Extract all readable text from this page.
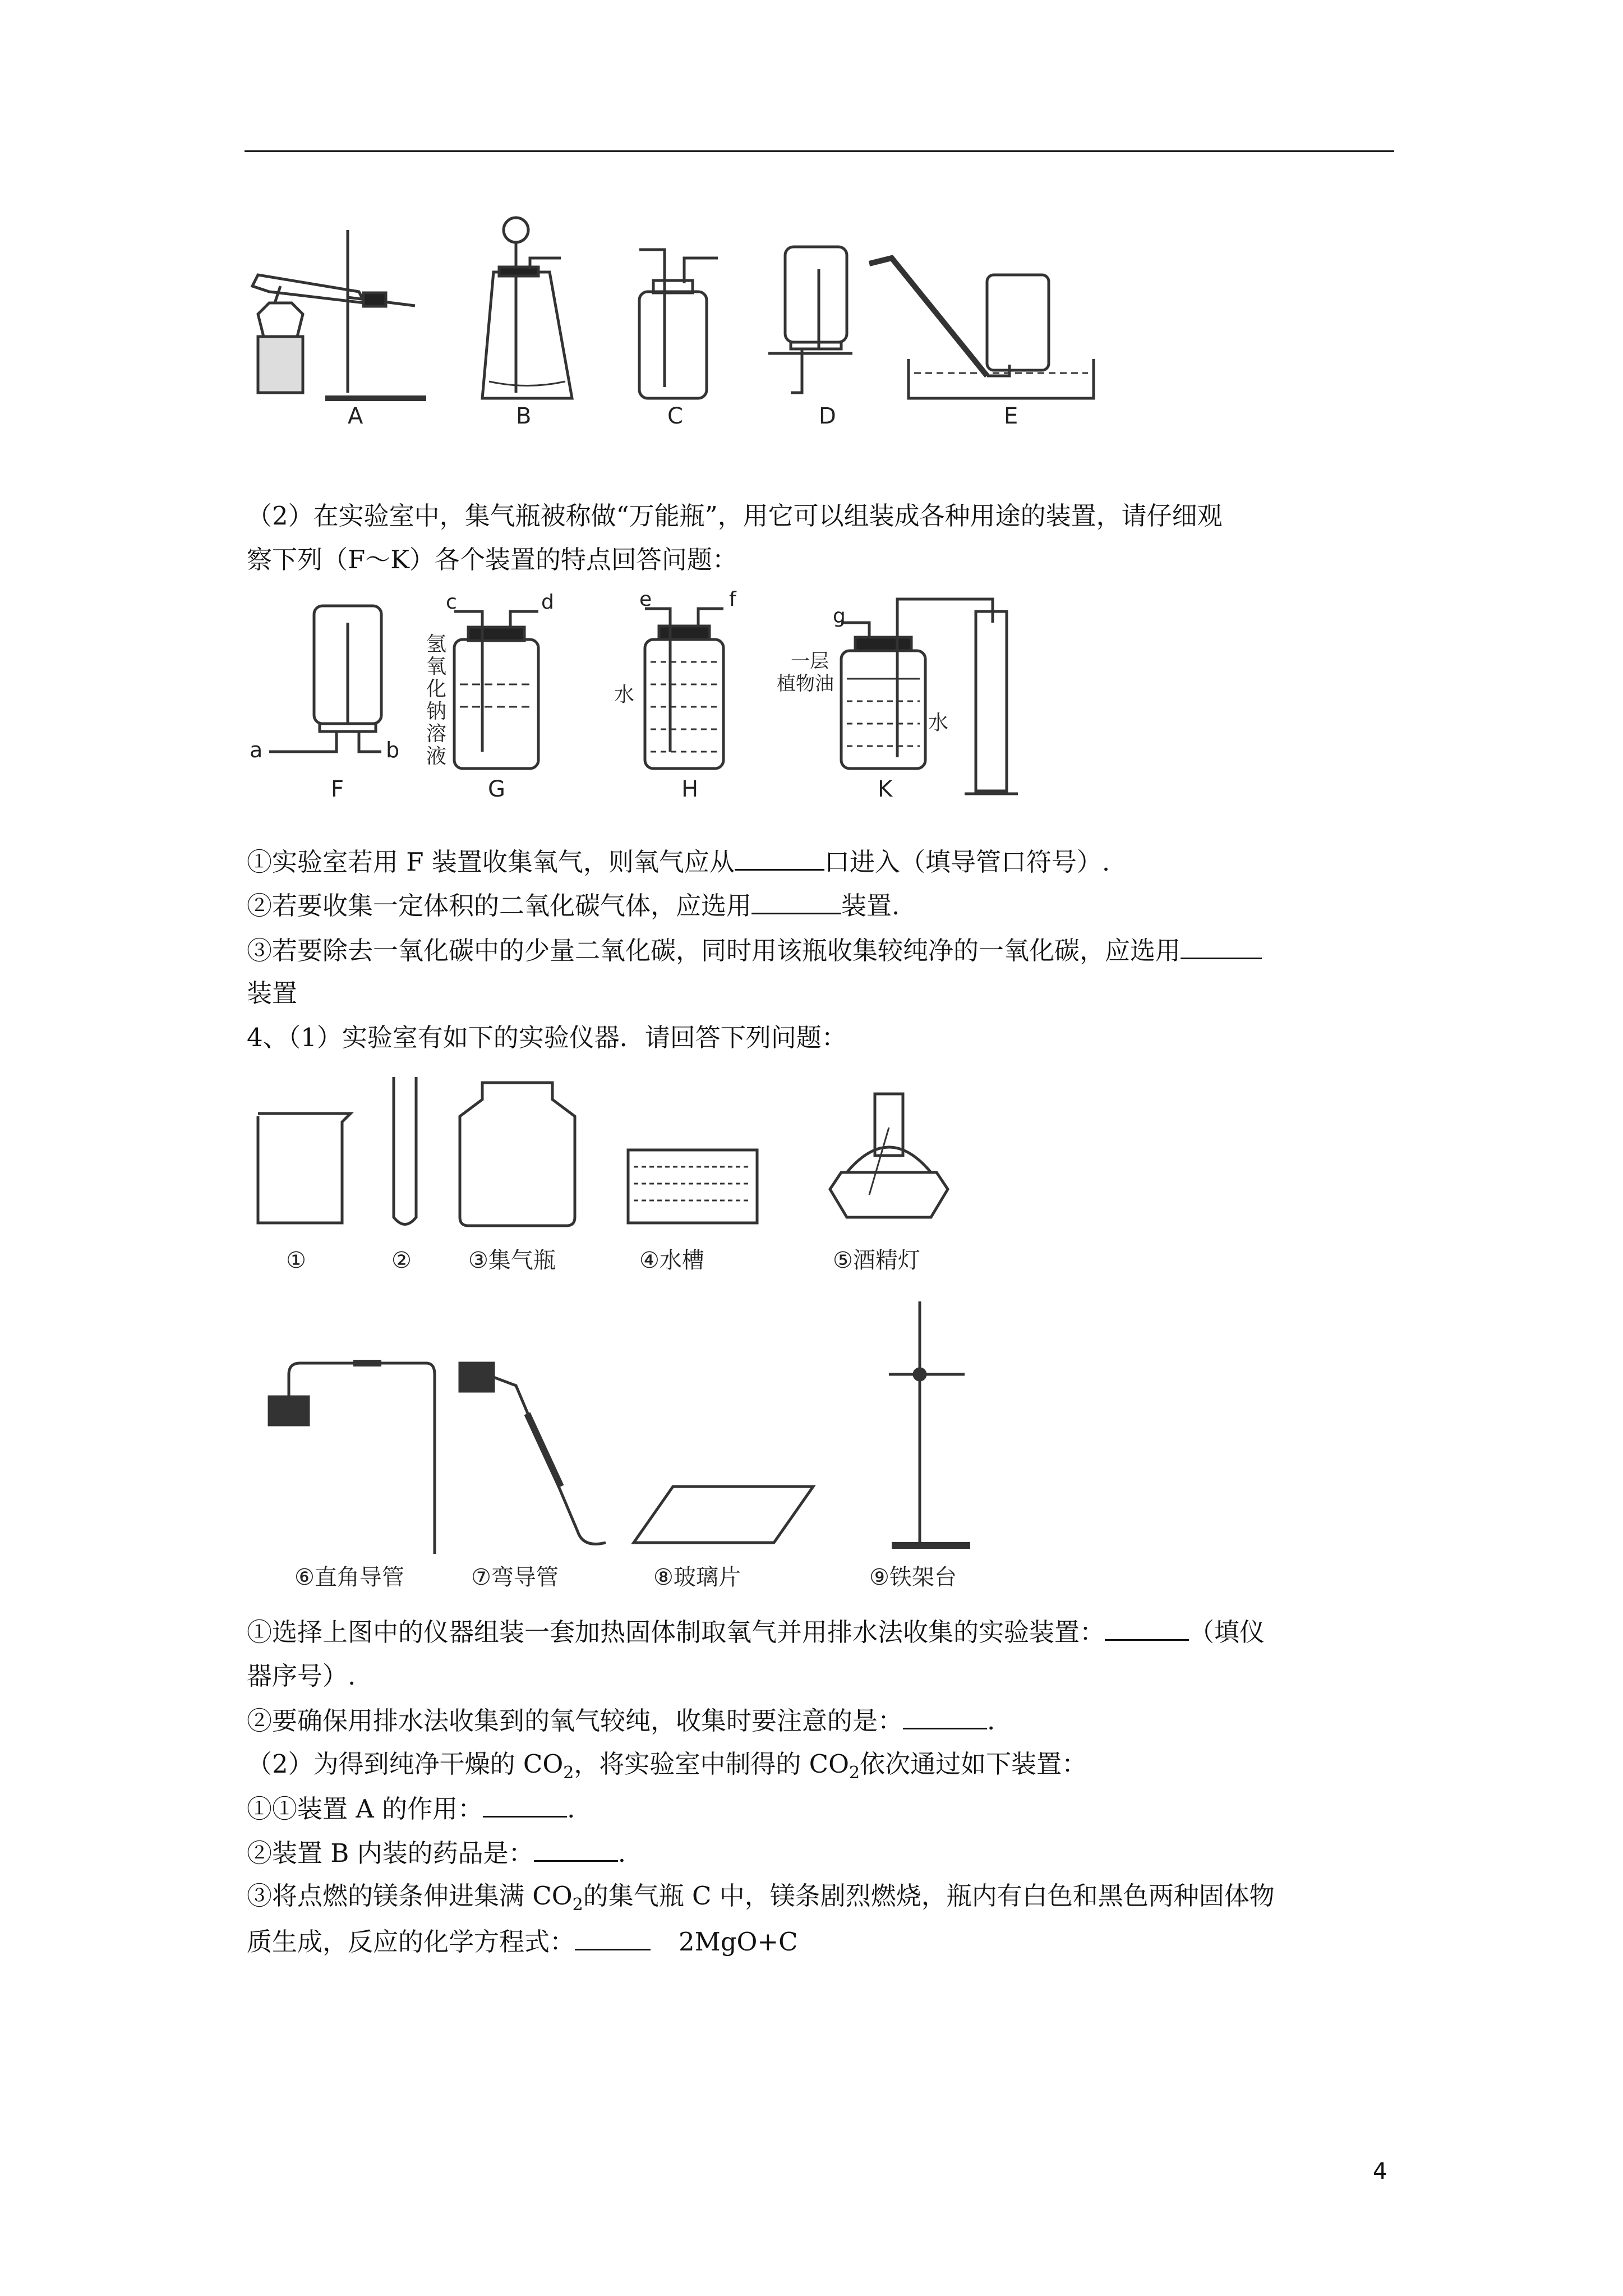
A	B	C	D	E
（2）在实验室中，集气瓶被称做“万能瓶”，用它可以组装成各种用途的装置，请仔细观
察下列（F～K）各个装置的特点回答问题：
a	b
F
氢
氧
化
钠
溶
液
c	d
G
水
e	f
H
一层
植物油
水
g
K
①实验室若用 F 装置收集氧气，则氧气应从	口进入（填导管口符号）.
②若要收集一定体积的二氧化碳气体，应选用	装置.
③若要除去一氧化碳中的少量二氧化碳，同时用该瓶收集较纯净的一氧化碳，应选用
装置
4、（1）实验室有如下的实验仪器．请回答下列问题：
①	②	③集气瓶	④水槽	⑤酒精灯
⑥直角导管	⑦弯导管	⑧玻璃片	⑨铁架台
①选择上图中的仪器组装一套加热固体制取氧气并用排水法收集的实验装置：	（填仪
器序号）.
②要确保用排水法收集到的氧气较纯，收集时要注意的是：	.
（2）为得到纯净干燥的 $CO_2$，将实验室中制得的 $CO_2$依次通过如下装置：
①①装置 A 的作用：	.
②装置 B 内装的药品是：	.
③将点燃的镁条伸进集满 $CO_2$的集气瓶 C 中，镁条剧烈燃烧，瓶内有白色和黑色两种固体物
质生成，反应的化学方程式：	2MgO+C
4
